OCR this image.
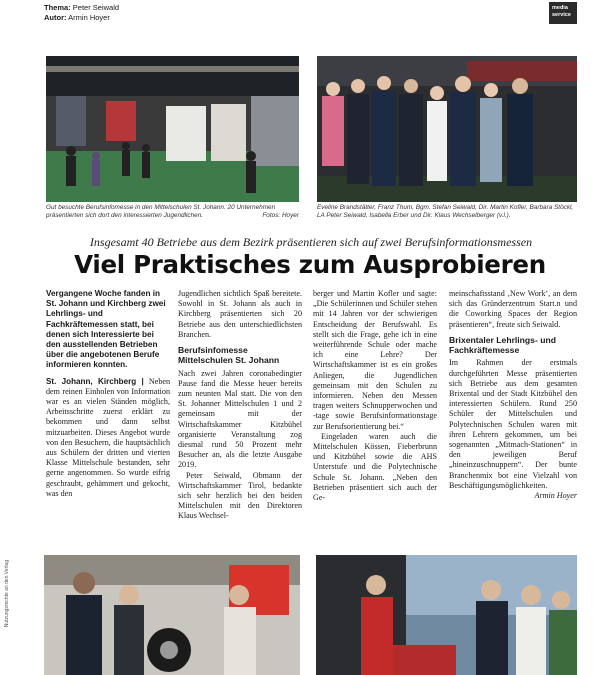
Thema: Peter Seiwald
Autor: Armin Hoyer
media
service
Gut besuchte Berufsinfomesse in den Mittelschulen St. Johann. 20 Unternehmen präsentierten sich dort den interessierten Jugendlichen.	Fotos: Hoyer
Eveline Brandstätter, Franz Thum, Bgm. Stefan Seiwald, Dir. Martin Kofler, Barbara Stöckl, LA Peter Seiwald, Isabella Erber und Dir. Klaus Wechselberger (v.l.).
Insgesamt 40 Betriebe aus dem Bezirk präsentieren sich auf zwei Berufsinformationsmessen
Viel Praktisches zum Ausprobieren

Vergangene Woche fanden in St. Johann und Kirchberg zwei Lehrlings- und Fachkräftemessen statt, bei denen sich Interessierte bei den ausstellenden Betrieben über die angebotenen Berufe informieren konnten.

St. Johann, Kirchberg | Neben dem reinen Einholen von Information war es an vielen Ständen möglich, Arbeitsschritte zuerst erklärt zu bekommen und dann selbst mitzuarbeiten. Dieses Angebot wurde von den Besuchern, die hauptsächlich aus Schülern der dritten und vierten Klasse Mittelschule bestanden, sehr gerne angenommen. So wurde eifrig geschraubt, gehämmert und gekocht, was den

Jugendlichen sichtlich Spaß bereitete. Sowohl in St. Johann als auch in Kirchberg präsentierten sich 20 Betriebe aus den unterschiedlichsten Branchen.

Berufsinfomesse Mittelschulen St. Johann

Nach zwei Jahren coronabedingter Pause fand die Messe heuer bereits zum neunten Mal statt. Die von den St. Johanner Mittelschulen 1 und 2 gemeinsam mit der Wirtschaftskammer Kitzbühel organisierte Veranstaltung zog diesmal rund 50 Prozent mehr Besucher an, als die letzte Ausgabe 2019.

Peter Seiwald, Obmann der Wirtschaftskammer Tirol, bedankte sich sehr herzlich bei den beiden Mittelschulen mit den Direktoren Klaus Wechsel-

berger und Martin Kofler und sagte: „Die Schülerinnen und Schüler stehen mit 14 Jahren vor der schwierigen Entscheidung der Berufswahl. Es stellt sich die Frage, gehe ich in eine weiterführende Schule oder mache ich eine Lehre? Der Wirtschaftskammer ist es ein großes Anliegen, die Jugendlichen gemeinsam mit den Schulen zu informieren. Neben den Messen tragen weiters Schnupperwochen und -tage sowie Berufsinformationstage zur Berufsorientierung bei.“

Eingeladen waren auch die Mittelschulen Kössen, Fieberbrunn und Kitzbühel sowie die AHS Unterstufe und die Polytechnische Schule St. Johann. „Neben den Betrieben präsentiert sich auch der Ge-

meinschaftsstand ‚New Work‘, an dem sich das Gründerzentrum Start.n und die Coworking Spaces der Region präsentieren“, freute sich Seiwald.

Brixentaler Lehrlings- und Fachkräftemesse

Im Rahmen der erstmals durchgeführten Messe präsentierten sich Betriebe aus dem gesamten Brixental und der Stadt Kitzbühel den interessierten Schülern. Rund 250 Schüler der Mittelschulen und Polytechnischen Schulen waren mit ihren Lehrern gekommen, um bei sogenannten „Mitmach-Stationen“ in den jeweiligen Beruf „hineinzuschnuppern“. Der bunte Branchenmix bot eine Vielzahl von Beschäftigungsmöglichkeiten.

Armin Hoyer

Nutzungsrechte an den Verlag
